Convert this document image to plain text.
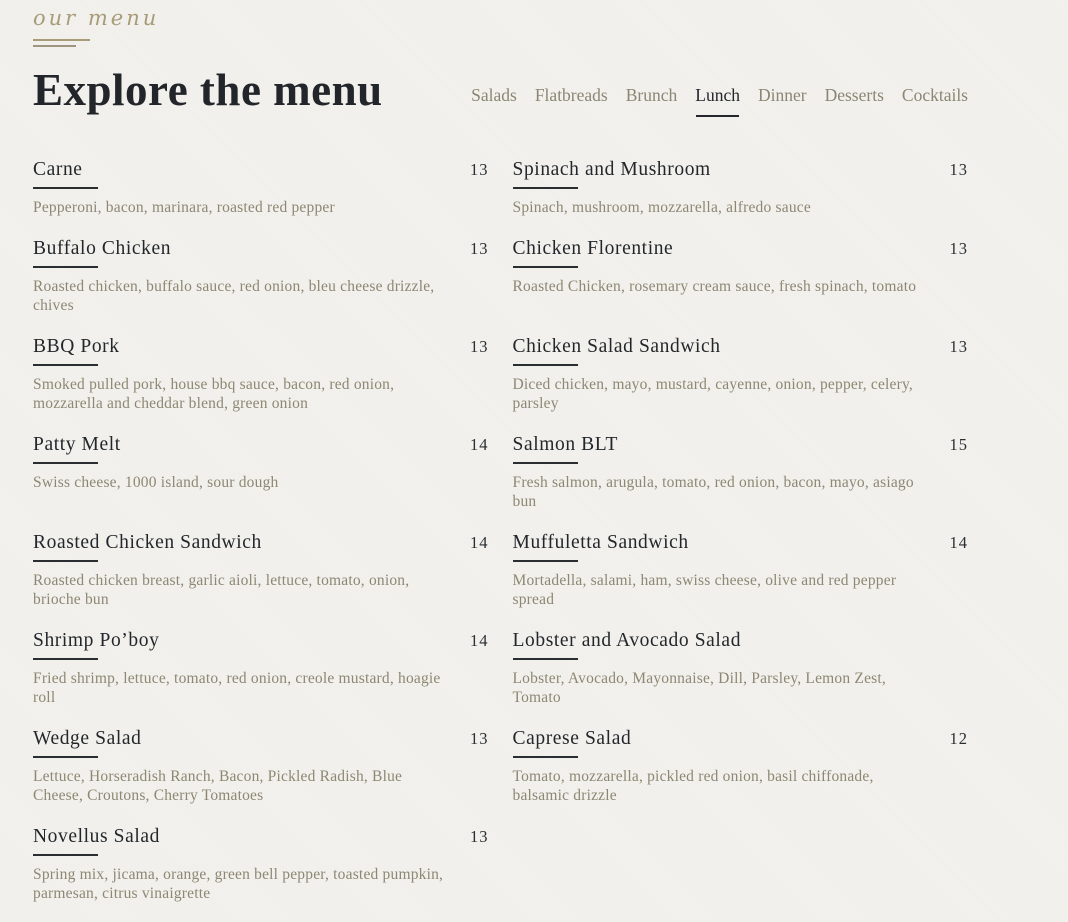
our menu
Explore the menu	Salads Flatbreads Brunch Lunch Dinner Desserts Cocktails
Carne	13

Pepperoni, bacon, marinara, roasted red pepper

Spinach and Mushroom	13

Spinach, mushroom, mozzarella, alfredo sauce

Buffalo Chicken	13

Roasted chicken, buffalo sauce, red onion, bleu cheese drizzle, chives

Chicken Florentine	13

Roasted Chicken, rosemary cream sauce, fresh spinach, tomato

BBQ Pork	13

Smoked pulled pork, house bbq sauce, bacon, red onion, mozzarella and cheddar blend, green onion

Chicken Salad Sandwich	13

Diced chicken, mayo, mustard, cayenne, onion, pepper, celery, parsley

Patty Melt	14

Swiss cheese, 1000 island, sour dough

Salmon BLT	15

Fresh salmon, arugula, tomato, red onion, bacon, mayo, asiago bun

Roasted Chicken Sandwich	14

Roasted chicken breast, garlic aioli, lettuce, tomato, onion, brioche bun

Muffuletta Sandwich	14

Mortadella, salami, ham, swiss cheese, olive and red pepper spread

Shrimp Po’boy	14

Fried shrimp, lettuce, tomato, red onion, creole mustard, hoagie roll

Lobster and Avocado Salad

Lobster, Avocado, Mayonnaise, Dill, Parsley, Lemon Zest, Tomato

Wedge Salad	13

Lettuce, Horseradish Ranch, Bacon, Pickled Radish, Blue Cheese, Croutons, Cherry Tomatoes

Caprese Salad	12

Tomato, mozzarella, pickled red onion, basil chiffonade, balsamic drizzle

Novellus Salad	13

Spring mix, jicama, orange, green bell pepper, toasted pumpkin, parmesan, citrus vinaigrette
